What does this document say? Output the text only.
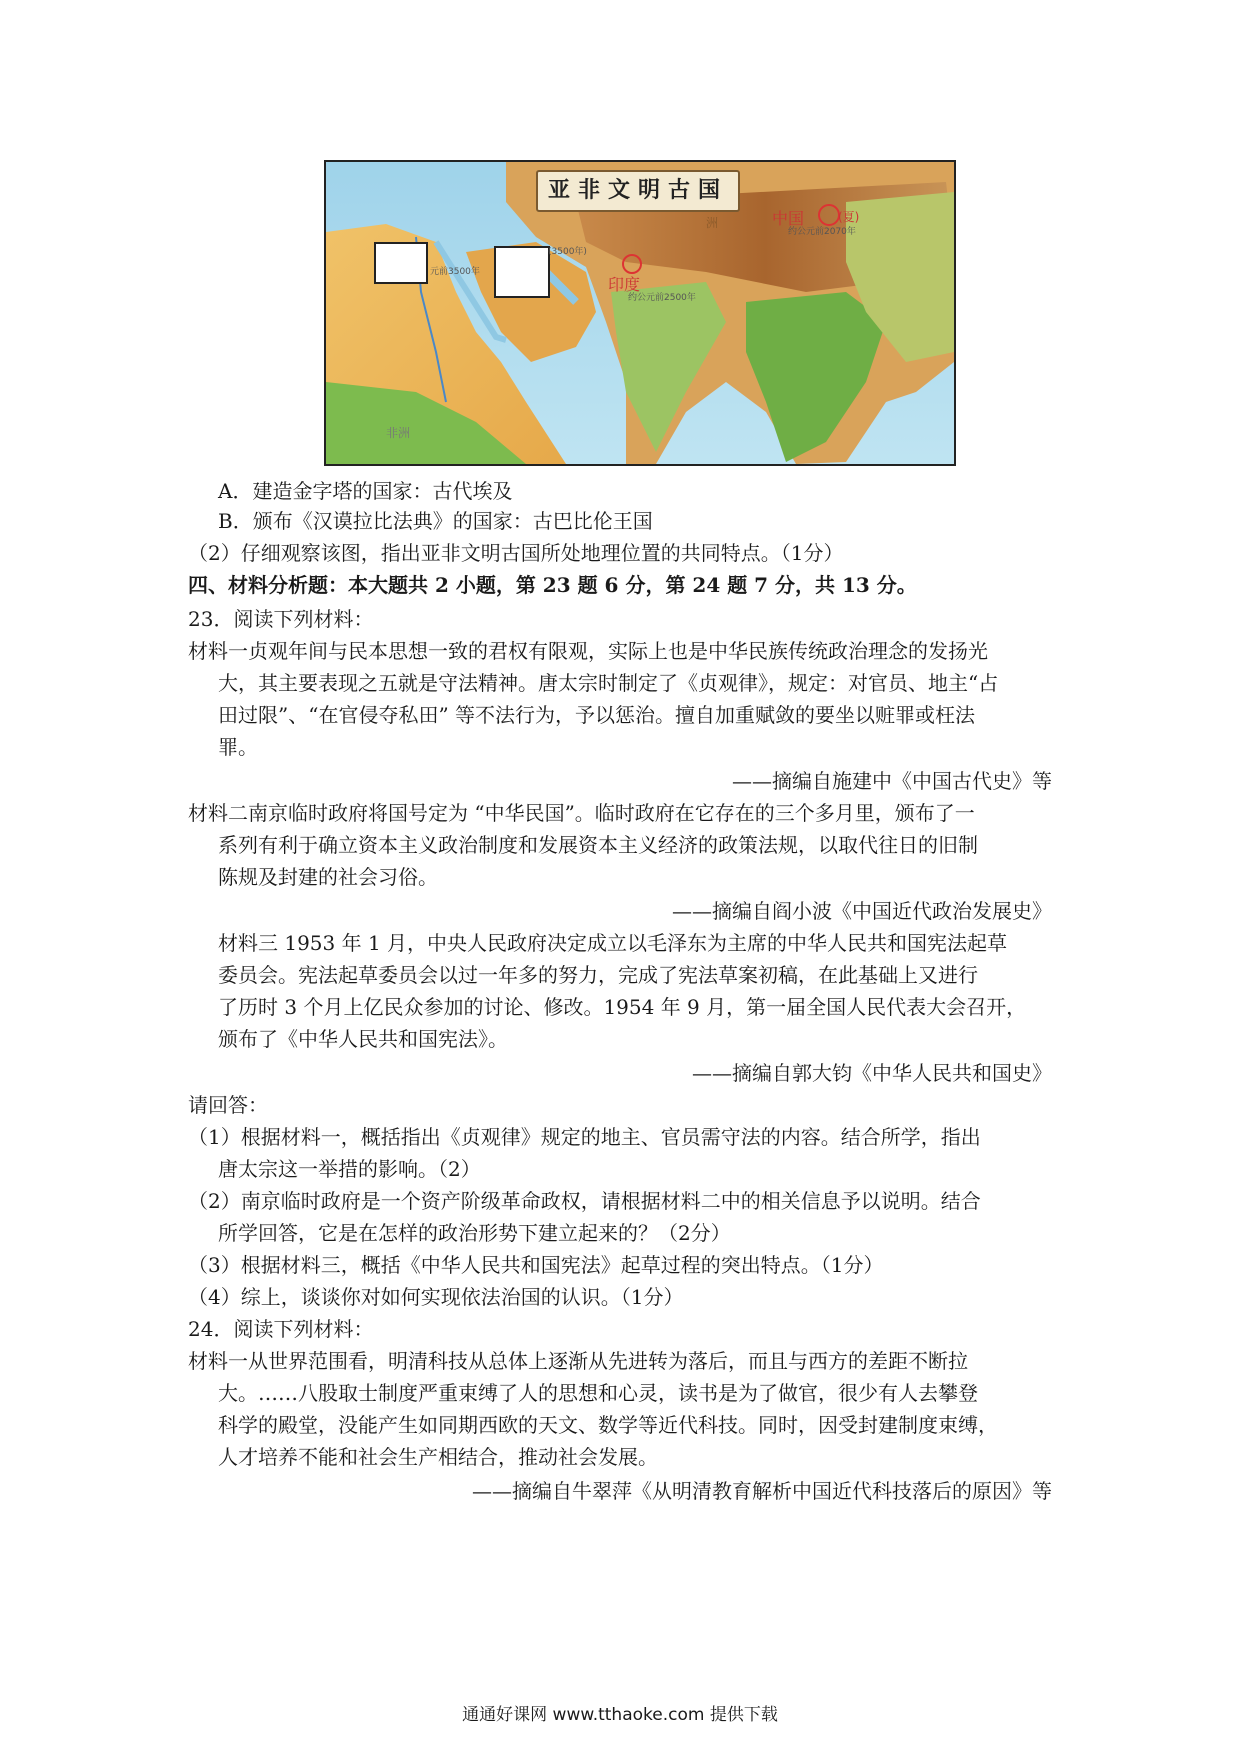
亚非文明古国
中国	(夏)
印度
非洲
洲
约公元前2070年
约公元前2500年
(3500年)
元前3500年
A．建造金字塔的国家：古代埃及
B．颁布《汉谟拉比法典》的国家：古巴比伦王国
（2）仔细观察该图，指出亚非文明古国所处地理位置的共同特点。（1分）
四、材料分析题：本大题共 2 小题，第 23 题 6 分，第 24 题 7 分，共 13 分。
23．阅读下列材料：
材料一贞观年间与民本思想一致的君权有限观，实际上也是中华民族传统政治理念的发扬光
大，其主要表现之五就是守法精神。唐太宗时制定了《贞观律》，规定：对官员、地主“占
田过限”、“在官侵夺私田” 等不法行为，予以惩治。擅自加重赋敛的要坐以赃罪或枉法
罪。
——摘编自施建中《中国古代史》等
材料二南京临时政府将国号定为 “中华民国”。临时政府在它存在的三个多月里，颁布了一
系列有利于确立资本主义政治制度和发展资本主义经济的政策法规，以取代往日的旧制
陈规及封建的社会习俗。
——摘编自阎小波《中国近代政治发展史》
材料三 1953 年 1 月，中央人民政府决定成立以毛泽东为主席的中华人民共和国宪法起草
委员会。宪法起草委员会以过一年多的努力，完成了宪法草案初稿，在此基础上又进行
了历时 3 个月上亿民众参加的讨论、修改。1954 年 9 月，第一届全国人民代表大会召开，
颁布了《中华人民共和国宪法》。
——摘编自郭大钧《中华人民共和国史》
请回答：
（1）根据材料一，概括指出《贞观律》规定的地主、官员需守法的内容。结合所学，指出
唐太宗这一举措的影响。（2）
（2）南京临时政府是一个资产阶级革命政权，请根据材料二中的相关信息予以说明。结合
所学回答，它是在怎样的政治形势下建立起来的？（2分）
（3）根据材料三，概括《中华人民共和国宪法》起草过程的突出特点。（1分）
（4）综上，谈谈你对如何实现依法治国的认识。（1分）
24．阅读下列材料：
材料一从世界范围看，明清科技从总体上逐渐从先进转为落后，而且与西方的差距不断拉
大。……八股取士制度严重束缚了人的思想和心灵，读书是为了做官，很少有人去攀登
科学的殿堂，没能产生如同期西欧的天文、数学等近代科技。同时，因受封建制度束缚，
人才培养不能和社会生产相结合，推动社会发展。
——摘编自牛翠萍《从明清教育解析中国近代科技落后的原因》等
通通好课网 www.tthaoke.com 提供下载
